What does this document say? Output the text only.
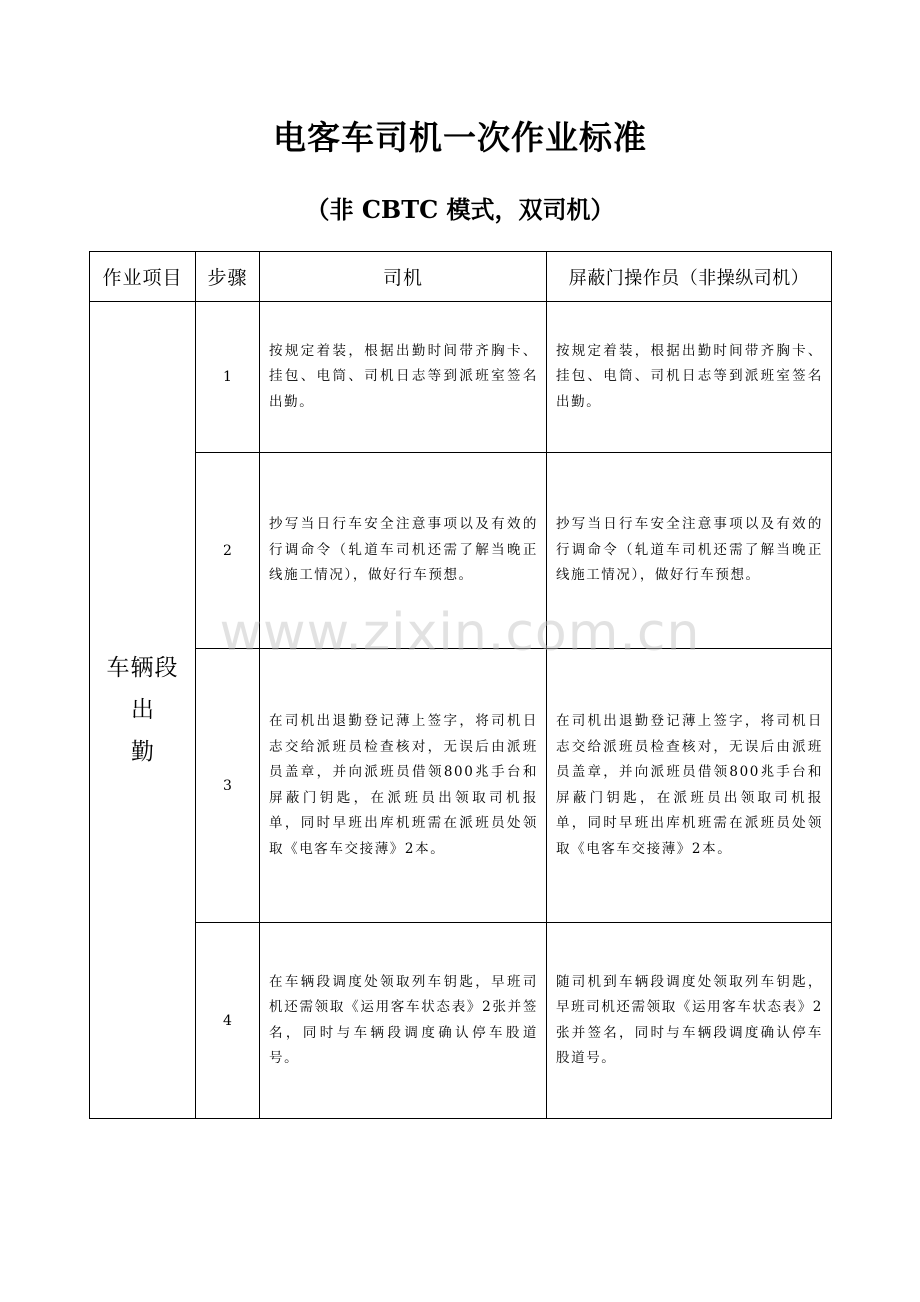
电客车司机一次作业标准
（非 CBTC 模式，双司机）
作业项目	步骤	司机	屏蔽门操作员（非操纵司机）

车辆段
出勤	1	按规定着装，根据出勤时间带齐胸卡、挂包、电筒、司机日志等到派班室签名出勤。	按规定着装，根据出勤时间带齐胸卡、挂包、电筒、司机日志等到派班室签名出勤。
	2	抄写当日行车安全注意事项以及有效的行调命令（轧道车司机还需了解当晚正线施工情况），做好行车预想。	抄写当日行车安全注意事项以及有效的行调命令（轧道车司机还需了解当晚正线施工情况），做好行车预想。
	3	在司机出退勤登记薄上签字，将司机日志交给派班员检查核对，无误后由派班员盖章，并向派班员借领800兆手台和屏蔽门钥匙，在派班员出领取司机报单，同时早班出库机班需在派班员处领取《电客车交接薄》2本。	在司机出退勤登记薄上签字，将司机日志交给派班员检查核对，无误后由派班员盖章，并向派班员借领800兆手台和屏蔽门钥匙，在派班员出领取司机报单，同时早班出库机班需在派班员处领取《电客车交接薄》2本。
	4	在车辆段调度处领取列车钥匙，早班司机还需领取《运用客车状态表》2张并签名，同时与车辆段调度确认停车股道号。	随司机到车辆段调度处领取列车钥匙，早班司机还需领取《运用客车状态表》2张并签名，同时与车辆段调度确认停车股道号。
www.zixin.com.cn
